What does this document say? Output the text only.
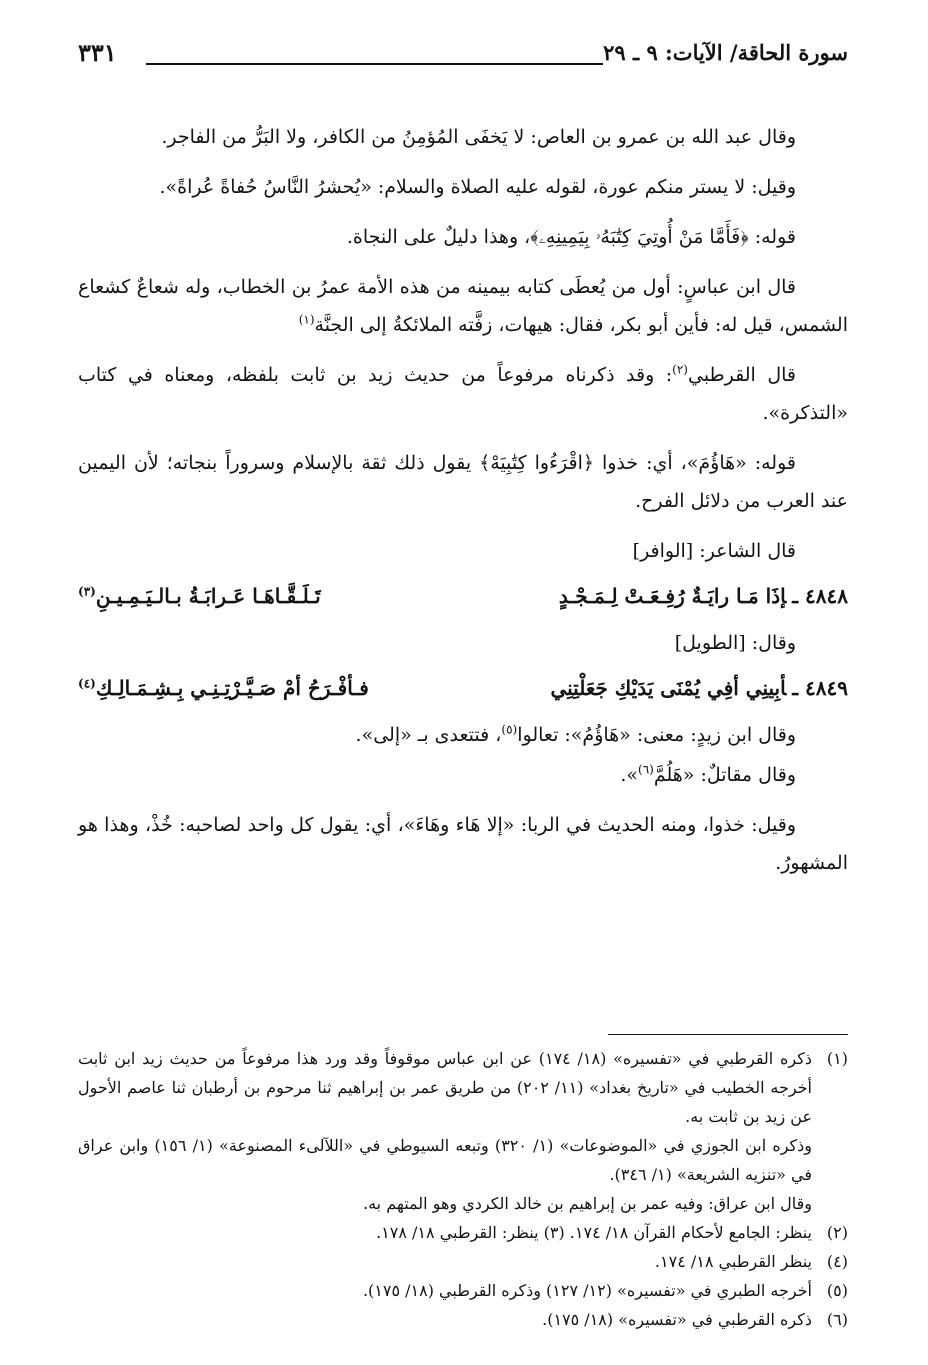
سورة الحاقة/ الآيات: ٩ ـ ٢٩
٣٣١

وقال عبد الله بن عمرو بن العاص: لا يَخفَى المُؤمِنُ من الكافر، ولا البَرُّ من الفاجر.

وقيل: لا يستر منكم عورة، لقوله عليه الصلاة والسلام: «يُحشرُ النَّاسُ حُفاةً عُراةً».

قوله: ﴿فَأَمَّا مَنْ أُوتِيَ كِتَٰبَهُۥ بِيَمِينِهِۦ﴾، وهذا دليلٌ على النجاة.

قال ابن عباسٍ: أول من يُعطَى كتابه بيمينه من هذه الأمة عمرُ بن الخطاب، وله شعاعٌ كشعاع الشمس، قيل له: فأين أبو بكر، فقال: هيهات، زفَّته الملائكةُ إلى الجنَّة$^{(١)}$

قال القرطبي$^{(٢)}$: وقد ذكرناه مرفوعاً من حديث زيد بن ثابت بلفظه، ومعناه في كتاب «التذكرة».

قوله: «هَاؤُمَ»، أي: خذوا ﴿اقْرَءُوا كِتَٰبِيَهْ﴾ يقول ذلك ثقة بالإسلام وسروراً بنجاته؛ لأن اليمين عند العرب من دلائل الفرح.

قال الشاعر: [الوافر]

٤٨٤٨ ـإذَا مَـا رايَـةٌ رُفِـعَـتْ لِـمَـجْـدٍ
تَـلَـقَّـاهَـا عَـرابَـةُ بـالـيَـمِـيـنِ$^{(٣)}$

وقال: [الطويل]

٤٨٤٩ ـأبِينِي أفِي يُمْنَى يَدَيْكِ جَعَلْتِنِي
فـأفْـرَحُ أمْ صَـيَّـرْتِـنِـي بِـشِـمَـالِـكِ$^{(٤)}$

وقال ابن زيدٍ: معنى: «هَاؤُمُ»: تعالوا$^{(٥)}$، فتتعدى بـ «إلى».

وقال مقاتلٌ: «هَلُمَّ$^{(٦)}$».

وقيل: خذوا، ومنه الحديث في الربا: «إلا هَاء وهَاءَ»، أي: يقول كل واحد لصاحبه: خُذْ، وهذا هو المشهورُ.

(١)
ذكره القرطبي في «تفسيره» (١٨/ ١٧٤) عن ابن عباس موقوفاً وقد ورد هذا مرفوعاً من حديث زيد ابن ثابت أخرجه الخطيب في «تاريخ بغداد» (١١/ ٢٠٢) من طريق عمر بن إبراهيم ثنا مرحوم بن أرطبان ثنا عاصم الأحول عن زيد بن ثابت به.
وذكره ابن الجوزي في «الموضوعات» (١/ ٣٢٠) وتبعه السيوطي في «اللآلىء المصنوعة» (١/ ١٥٦) وابن عراق في «تنزيه الشريعة» (١/ ٣٤٦).
وقال ابن عراق: وفيه عمر بن إبراهيم بن خالد الكردي وهو المتهم به.
(٢)
ينظر: الجامع لأحكام القرآن ١٨/ ١٧٤. (٣) ينظر: القرطبي ١٨/ ١٧٨.
(٤)
ينظر القرطبي ١٨/ ١٧٤.
(٥)
أخرجه الطبري في «تفسيره» (١٢/ ١٢٧) وذكره القرطبي (١٨/ ١٧٥).
(٦)
ذكره القرطبي في «تفسيره» (١٨/ ١٧٥).
